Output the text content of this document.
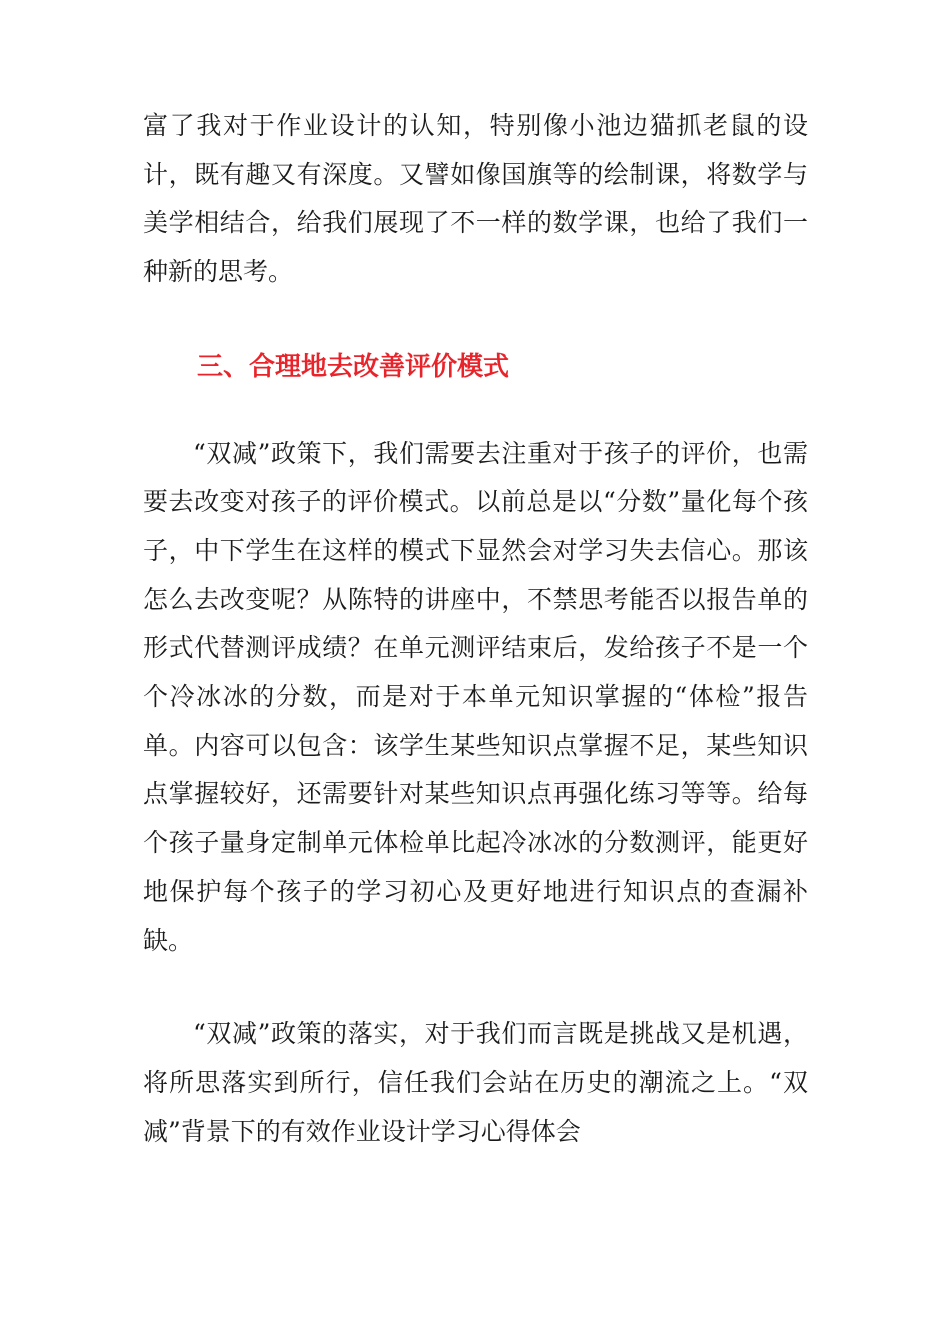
富了我对于作业设计的认知，特别像小池边猫抓老鼠的设计，既有趣又有深度。又譬如像国旗等的绘制课，将数学与美学相结合，给我们展现了不一样的数学课，也给了我们一种新的思考。

三、合理地去改善评价模式

“双减”政策下，我们需要去注重对于孩子的评价，也需要去改变对孩子的评价模式。以前总是以“分数”量化每个孩子，中下学生在这样的模式下显然会对学习失去信心。那该怎么去改变呢？从陈特的讲座中，不禁思考能否以报告单的形式代替测评成绩？在单元测评结束后，发给孩子不是一个个冷冰冰的分数，而是对于本单元知识掌握的“体检”报告单。内容可以包含：该学生某些知识点掌握不足，某些知识点掌握较好，还需要针对某些知识点再强化练习等等。给每个孩子量身定制单元体检单比起冷冰冰的分数测评，能更好地保护每个孩子的学习初心及更好地进行知识点的查漏补缺。

“双减”政策的落实，对于我们而言既是挑战又是机遇，将所思落实到所行，信任我们会站在历史的潮流之上。“双减”背景下的有效作业设计学习心得体会
